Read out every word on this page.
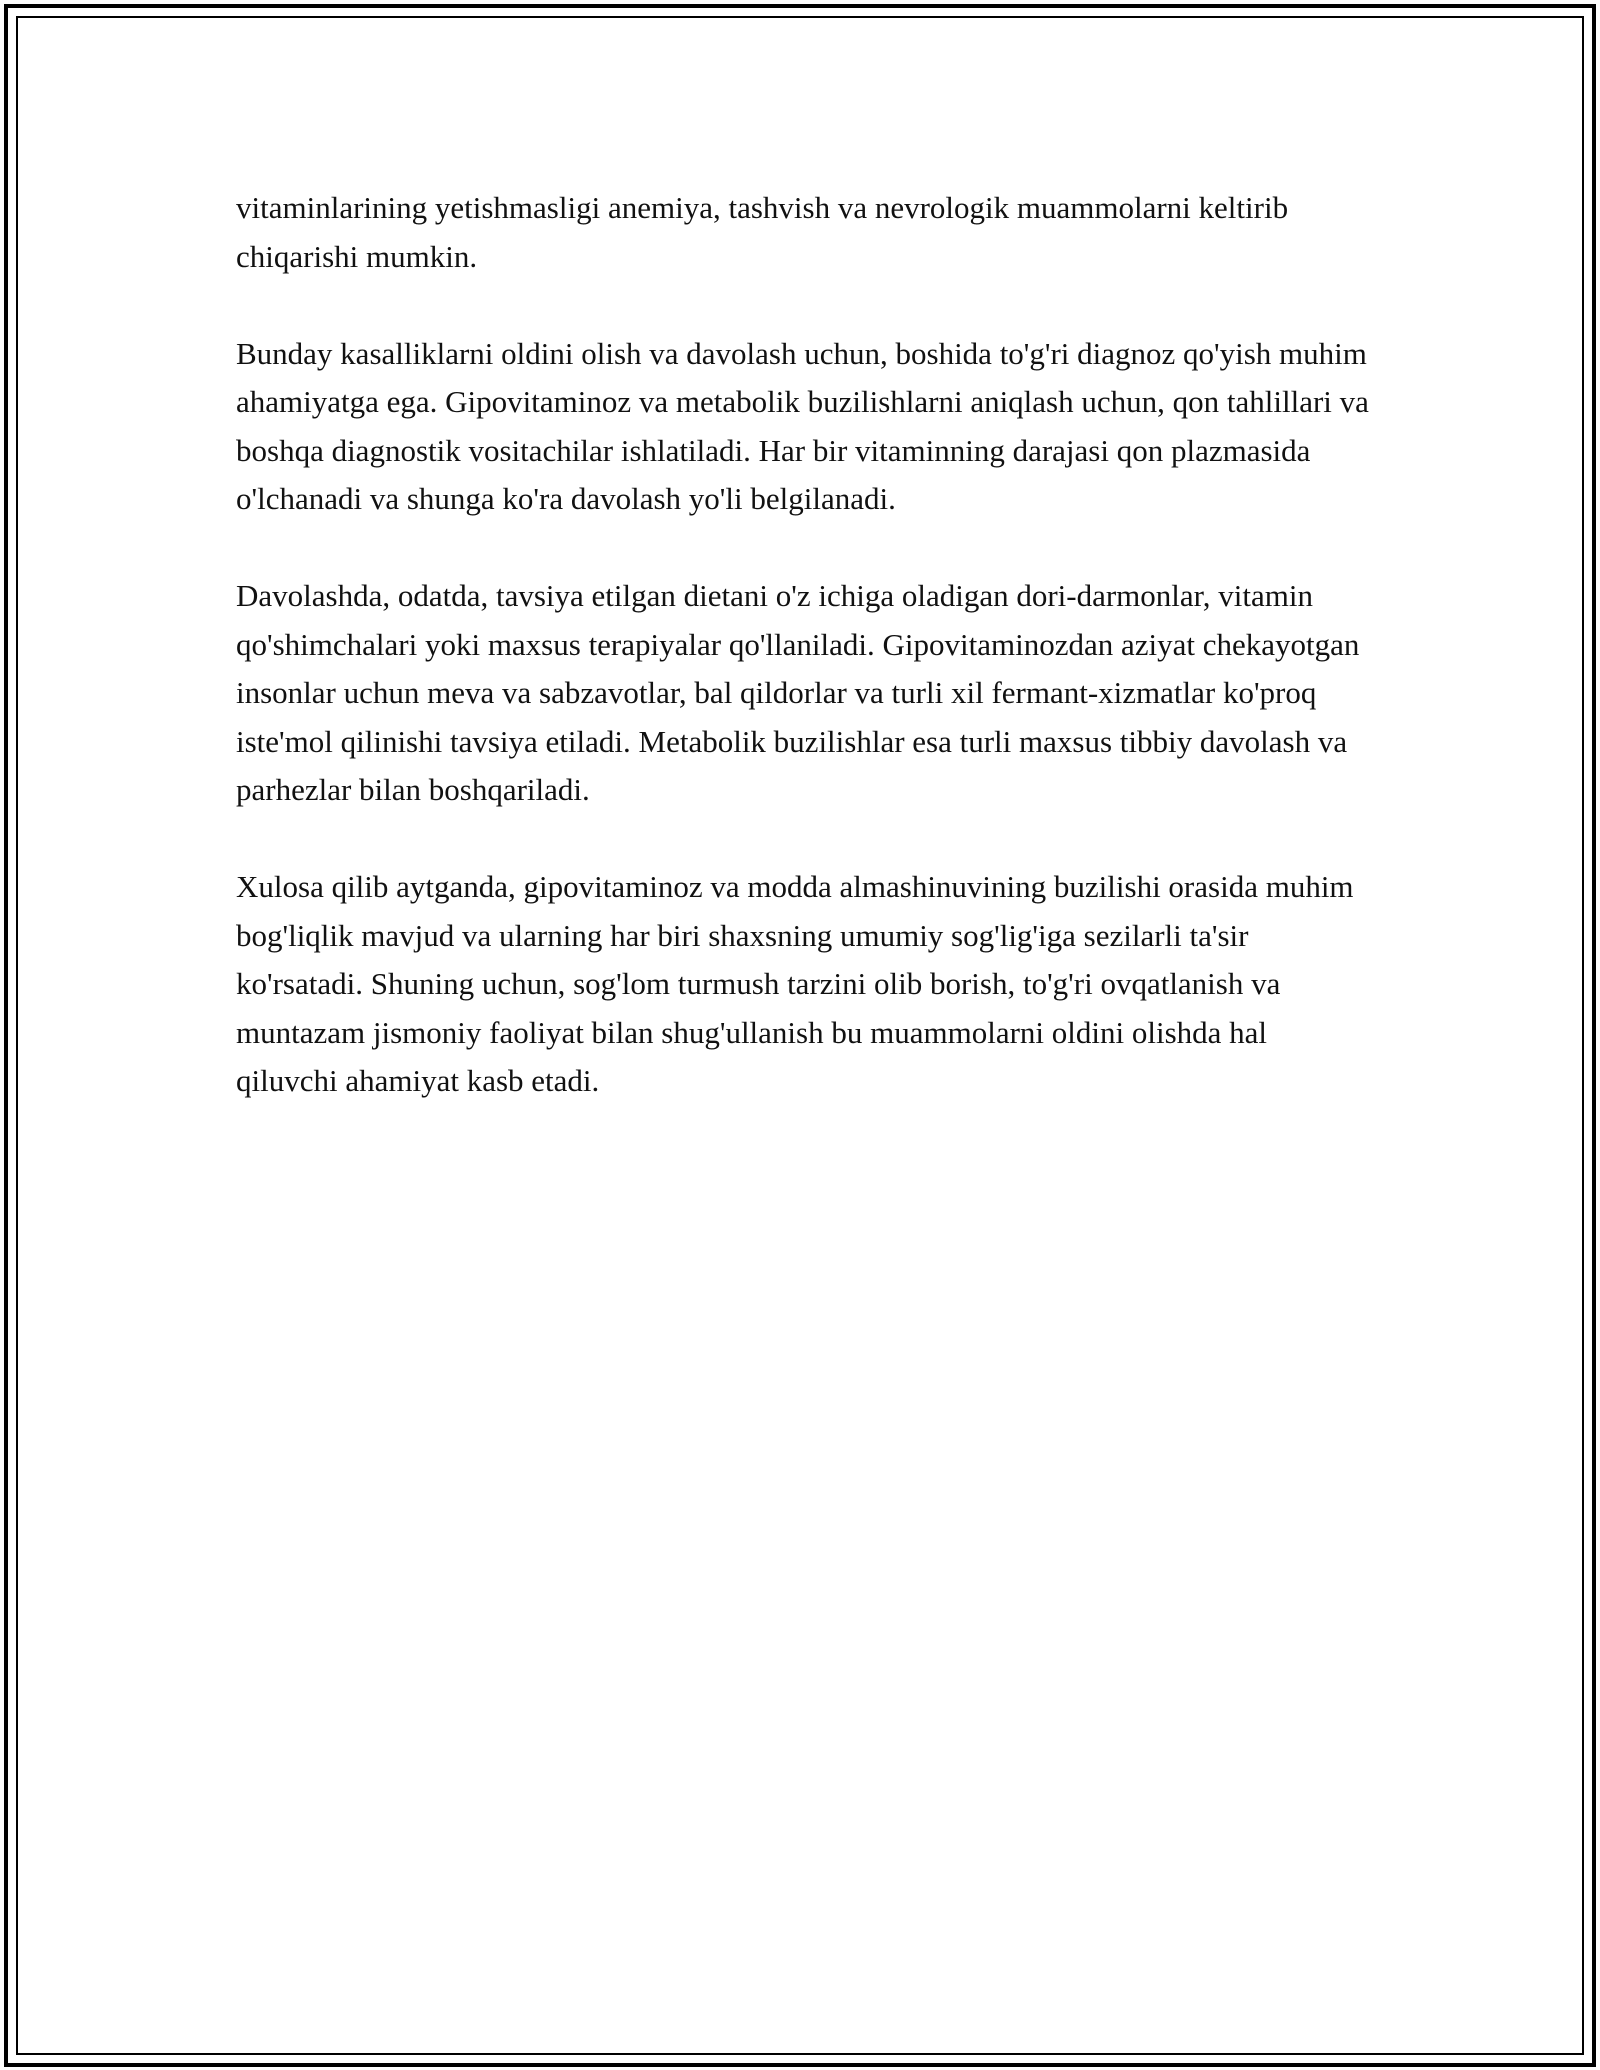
vitaminlarining yetishmasligi anemiya, tashvish va nevrologik muammolarni keltirib chiqarishi mumkin.

Bunday kasalliklarni oldini olish va davolash uchun, boshida to'g'ri diagnoz qo'yish muhim ahamiyatga ega. Gipovitaminoz va metabolik buzilishlarni aniqlash uchun, qon tahlillari va boshqa diagnostik vositachilar ishlatiladi. Har bir vitaminning darajasi qon plazmasida o'lchanadi va shunga ko'ra davolash yo'li belgilanadi.

Davolashda, odatda, tavsiya etilgan dietani o'z ichiga oladigan dori-darmonlar, vitamin qo'shimchalari yoki maxsus terapiyalar qo'llaniladi. Gipovitaminozdan aziyat chekayotgan insonlar uchun meva va sabzavotlar, bal qildorlar va turli xil fermant-xizmatlar ko'proq iste'mol qilinishi tavsiya etiladi. Metabolik buzilishlar esa turli maxsus tibbiy davolash va parhezlar bilan boshqariladi.

Xulosa qilib aytganda, gipovitaminoz va modda almashinuvining buzilishi orasida muhim bog'liqlik mavjud va ularning har biri shaxsning umumiy sog'lig'iga sezilarli ta'sir ko'rsatadi. Shuning uchun, sog'lom turmush tarzini olib borish, to'g'ri ovqatlanish va muntazam jismoniy faoliyat bilan shug'ullanish bu muammolarni oldini olishda hal qiluvchi ahamiyat kasb etadi.
